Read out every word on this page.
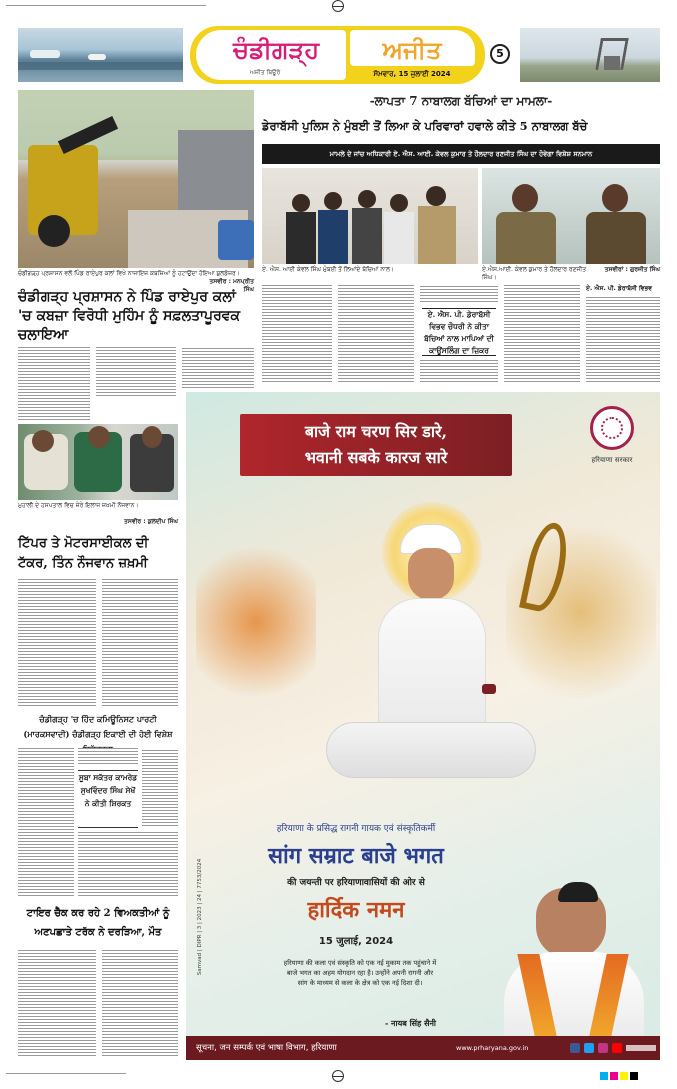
ਚੰਡੀਗੜ੍ਹ	ਅਜੀਤ
ਅਜੀਤ ਬਿਊਰੋ	ਸੋਮਵਾਰ, 15 ਜੁਲਾਈ 2024
5
ਚੰਡੀਗੜ੍ਹ ਪ੍ਰਸ਼ਾਸਨ ਵਲੋਂ ਪਿੰਡ ਰਾਏਪੁਰ ਕਲਾਂ ਵਿਖੇ ਨਾਜਾਇਜ਼ ਕਬਜ਼ਿਆਂ ਨੂੰ ਹਟਾਉਂਦਾ ਹੋਇਆ ਬੁਲਡੋਜ਼ਰ।
ਤਸਵੀਰ : ਮਨਪ੍ਰੀਤ ਸਿੰਘ
ਚੰਡੀਗੜ੍ਹ ਪ੍ਰਸ਼ਾਸਨ ਨੇ ਪਿੰਡ ਰਾਏਪੁਰ ਕਲਾਂ 'ਚ ਕਬਜ਼ਾ ਵਿਰੋਧੀ ਮੁਹਿੰਮ ਨੂੰ ਸਫ਼ਲਤਾਪੂਰਵਕ ਚਲਾਇਆ
-ਲਾਪਤਾ 7 ਨਾਬਾਲਗ ਬੱਚਿਆਂ ਦਾ ਮਾਮਲਾ-
ਡੇਰਾਬੱਸੀ ਪੁਲਿਸ ਨੇ ਮੁੰਬਈ ਤੋਂ ਲਿਆ ਕੇ ਪਰਿਵਾਰਾਂ ਹਵਾਲੇ ਕੀਤੇ 5 ਨਾਬਾਲਗ ਬੱਚੇ
ਮਾਮਲੇ ਦੇ ਜਾਂਚ ਅਧਿਕਾਰੀ ਏ. ਐਸ. ਆਈ. ਕੇਵਲ ਕੁਮਾਰ ਤੇ ਹੌਲਦਾਰ ਰਣਜੀਤ ਸਿੰਘ ਦਾ ਹੋਵੇਗਾ ਵਿਸ਼ੇਸ਼ ਸਨਮਾਨ
ਏ. ਐਸ. ਆਈ ਕੇਵਲ ਸਿੰਘ ਮੁੰਬਈ ਤੋਂ ਲਿਆਂਦੇ ਬੱਚਿਆਂ ਨਾਲ।	ਏ.ਐਸ.ਆਈ. ਕੇਵਲ ਕੁਮਾਰ ਤੇ ਹੌਲਦਾਰ ਰਣਜੀਤ ਸਿੰਘ।
ਤਸਵੀਰਾਂ : ਗੁਰਜੀਤ ਸਿੰਘ
ਏ. ਐਸ. ਪੀ. ਡੇਰਾਬੱਸੀ ਵਿਭਵ ਚੌਧਰੀ ਨੇ ਕੀਤਾ ਬੱਚਿਆਂ ਨਾਲ ਮਾਪਿਆਂ ਦੀ ਕਾਊਂਸਲਿੰਗ ਦਾ ਜ਼ਿਕਰ
ਏ. ਐਸ. ਪੀ. ਡੇਰਾਬੱਸੀ ਵਿਭਵ
ਮੁਹਾਲੀ ਦੇ ਹਸਪਤਾਲ ਵਿਚ ਜ਼ੇਰੇ ਇਲਾਜ ਜ਼ਖ਼ਮੀ ਨੌਜਵਾਨ।
ਤਸਵੀਰ : ਕੁਲਦੀਪ ਸਿੰਘ
ਟਿੱਪਰ ਤੇ ਮੋਟਰਸਾਈਕਲ ਦੀ ਟੱਕਰ, ਤਿੰਨ ਨੌਜਵਾਨ ਜ਼ਖ਼ਮੀ
ਚੰਡੀਗੜ੍ਹ 'ਚ ਹਿੰਦ ਕਮਿਊਨਿਸਟ ਪਾਰਟੀ (ਮਾਰਕਸਵਾਦੀ) ਚੰਡੀਗੜ੍ਹ ਇਕਾਈ ਦੀ ਹੋਈ ਵਿਸ਼ੇਸ਼
ਸੂਬਾ ਸਕੱਤਰ ਕਾਮਰੇਡ ਸੁਖਵਿੰਦਰ ਸਿੰਘ ਸੇਖੋਂ ਨੇ ਕੀਤੀ ਸ਼ਿਰਕਤ
ਟਾਇਰ ਚੈੱਕ ਕਰ ਰਹੇ 2 ਵਿਅਕਤੀਆਂ ਨੂੰ ਅਣਪਛਾਤੇ ਟਰੱਕ ਨੇ ਦਰੜਿਆ, ਮੌਤ
बाजे राम चरण सिर डारे,
भवानी सबके कारज सारे	हरियाणा सरकार
Samvad | DIPR | 3 | 2023 | 24 | 7753/2024
हरियाणा के प्रसिद्ध रागनी गायक एवं संस्कृतिकर्मी
सांग सम्राट बाजे भगत
की जयन्ती पर हरियाणावासियों की ओर से
हार्दिक नमन
15 जुलाई, 2024
हरियाणा की कला एवं संस्कृति को एक नई मुकाम तक पहुंचाने में बाजे भगत का अहम योगदान रहा है। उन्होंने अपनी रागनी और सांग के माध्यम से कला के क्षेत्र को एक नई दिशा दी।
- नायब सिंह सैनी
सूचना, जन सम्पर्क एवं भाषा विभाग, हरियाणा	www.prharyana.gov.in
